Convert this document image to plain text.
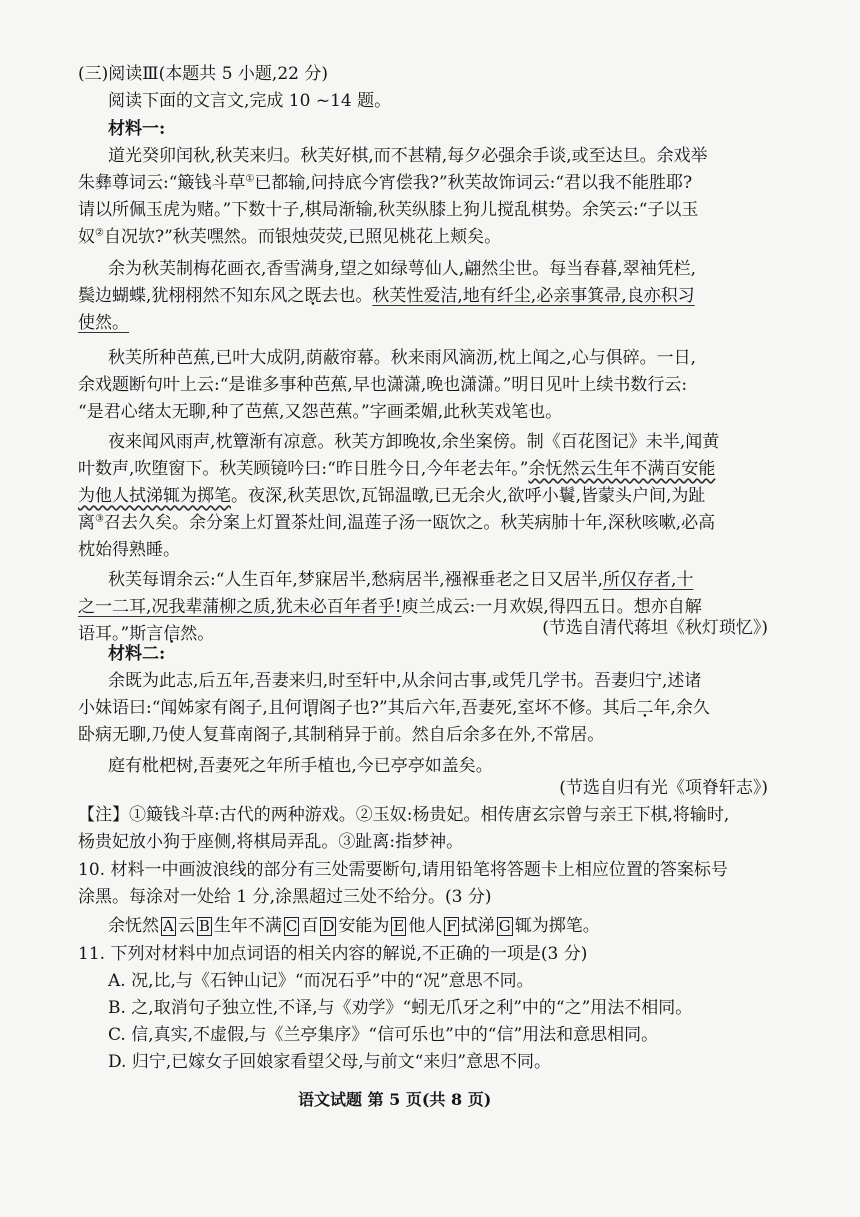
(三)阅读Ⅲ(本题共 5 小题,22 分)
阅读下面的文言文,完成 10 ~14 题。
材料一:
道光癸卯闰秋,秋芙来归。秋芙好棋,而不甚精,每夕必强余手谈,或至达旦。余戏举
朱彝尊词云:“簸钱斗草①已都输,问持底今宵偿我?”秋芙故饰词云:“君以我不能胜耶?
请以所佩玉虎为赌。”下数十子,棋局渐输,秋芙纵膝上狗儿搅乱棋势。余笑云:“子以玉
奴②自况欤?”秋芙嘿然。而银烛荧荧,已照见桃花上颊矣。
余为秋芙制梅花画衣,香雪满身,望之如绿萼仙人,翩然尘世。每当春暮,翠袖凭栏,
鬓边蝴蝶,犹栩栩然不知东风之既去也。秋芙性爱洁,地有纤尘,必亲事箕帚,良亦积习
使然。
秋芙所种芭蕉,已叶大成阴,荫蔽帘幕。秋来雨风滴沥,枕上闻之,心与俱碎。一日,
余戏题断句叶上云:“是谁多事种芭蕉,早也潇潇,晚也潇潇。”明日见叶上续书数行云:
“是君心绪太无聊,种了芭蕉,又怨芭蕉。”字画柔媚,此秋芙戏笔也。
夜来闻风雨声,枕簟渐有凉意。秋芙方卸晚妆,余坐案傍。制《百花图记》未半,闻黄
叶数声,吹堕窗下。秋芙顾镜吟曰:“昨日胜今日,今年老去年。”余怃然云生年不满百安能
为他人拭涕辄为掷笔。夜深,秋芙思饮,瓦铞温暾,已无余火,欲呼小鬟,皆蒙头户间,为趾
离③召去久矣。余分案上灯置茶灶间,温莲子汤一瓯饮之。秋芙病肺十年,深秋咳嗽,必高
枕始得熟睡。
秋芙每谓余云:“人生百年,梦寐居半,愁病居半,襁褓垂老之日又居半,所仅存者,十
之一二耳,况我辈蒲柳之质,犹未必百年者乎!庾兰成云:一月欢娱,得四五日。想亦自解
语耳。”斯言信然。	(节选自清代蒋坦《秋灯琐忆》)
材料二:
余既为此志,后五年,吾妻来归,时至轩中,从余问古事,或凭几学书。吾妻归宁,述诸
小妹语曰:“闻姊家有阁子,且何谓阁子也?”其后六年,吾妻死,室坏不修。其后二年,余久
卧病无聊,乃使人复葺南阁子,其制稍异于前。然自后余多在外,不常居。
庭有枇杷树,吾妻死之年所手植也,今已亭亭如盖矣。
(节选自归有光《项脊轩志》)
【注】①簸钱斗草:古代的两种游戏。②玉奴:杨贵妃。相传唐玄宗曾与亲王下棋,将输时,
杨贵妃放小狗于座侧,将棋局弄乱。③趾离:指梦神。
10. 材料一中画波浪线的部分有三处需要断句,请用铅笔将答题卡上相应位置的答案标号
涂黑。每涂对一处给 1 分,涂黑超过三处不给分。(3 分)
余怃然 A 云 B 生年不满 C 百 D 安能为 E 他人 F 拭涕 G 辄为掷笔。
11. 下列对材料中加点词语的相关内容的解说,不正确的一项是(3 分)
A. 况,比,与《石钟山记》“而况石乎”中的“况”意思不同。
B. 之,取消句子独立性,不译,与《劝学》“蚓无爪牙之利”中的“之”用法不相同。
C. 信,真实,不虚假,与《兰亭集序》“信可乐也”中的“信”用法和意思相同。
D. 归宁,已嫁女子回娘家看望父母,与前文“来归”意思不同。
语文试题 第 5 页(共 8 页)
